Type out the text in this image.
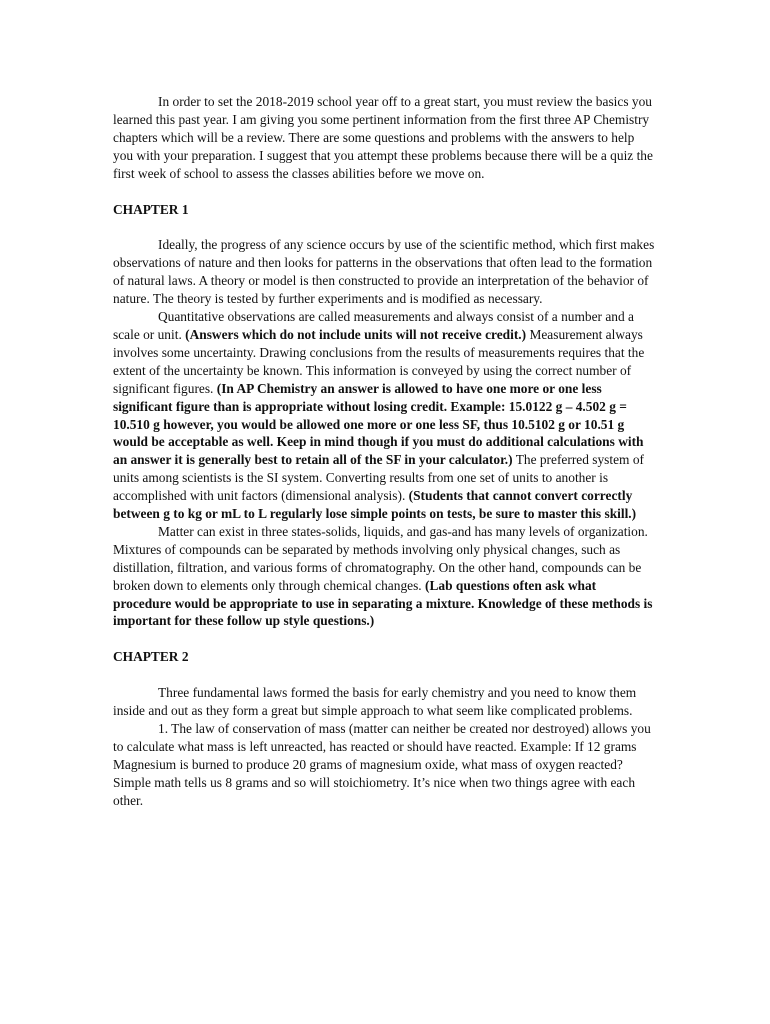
In order to set the 2018-2019 school year off to a great start, you must review the basics you learned this past year. I am giving you some pertinent information from the first three AP Chemistry chapters which will be a review. There are some questions and problems with the answers to help you with your preparation. I suggest that you attempt these problems because there will be a quiz the first week of school to assess the classes abilities before we move on.

CHAPTER 1

Ideally, the progress of any science occurs by use of the scientific method, which first makes observations of nature and then looks for patterns in the observations that often lead to the formation of natural laws. A theory or model is then constructed to provide an interpretation of the behavior of nature. The theory is tested by further experiments and is modified as necessary.

Quantitative observations are called measurements and always consist of a number and a scale or unit. (Answers which do not include units will not receive credit.) Measurement always involves some uncertainty. Drawing conclusions from the results of measurements requires that the extent of the uncertainty be known. This information is conveyed by using the correct number of significant figures. (In AP Chemistry an answer is allowed to have one more or one less significant figure than is appropriate without losing credit. Example: 15.0122 g – 4.502 g = 10.510 g however, you would be allowed one more or one less SF, thus 10.5102 g or 10.51 g would be acceptable as well. Keep in mind though if you must do additional calculations with an answer it is generally best to retain all of the SF in your calculator.) The preferred system of units among scientists is the SI system. Converting results from one set of units to another is accomplished with unit factors (dimensional analysis). (Students that cannot convert correctly between g to kg or mL to L regularly lose simple points on tests, be sure to master this skill.)

Matter can exist in three states-solids, liquids, and gas-and has many levels of organization. Mixtures of compounds can be separated by methods involving only physical changes, such as distillation, filtration, and various forms of chromatography. On the other hand, compounds can be broken down to elements only through chemical changes. (Lab questions often ask what procedure would be appropriate to use in separating a mixture. Knowledge of these methods is important for these follow up style questions.)

CHAPTER 2

Three fundamental laws formed the basis for early chemistry and you need to know them inside and out as they form a great but simple approach to what seem like complicated problems.

1. The law of conservation of mass (matter can neither be created nor destroyed) allows you to calculate what mass is left unreacted, has reacted or should have reacted. Example: If 12 grams Magnesium is burned to produce 20 grams of magnesium oxide, what mass of oxygen reacted? Simple math tells us 8 grams and so will stoichiometry. It’s nice when two things agree with each other.
